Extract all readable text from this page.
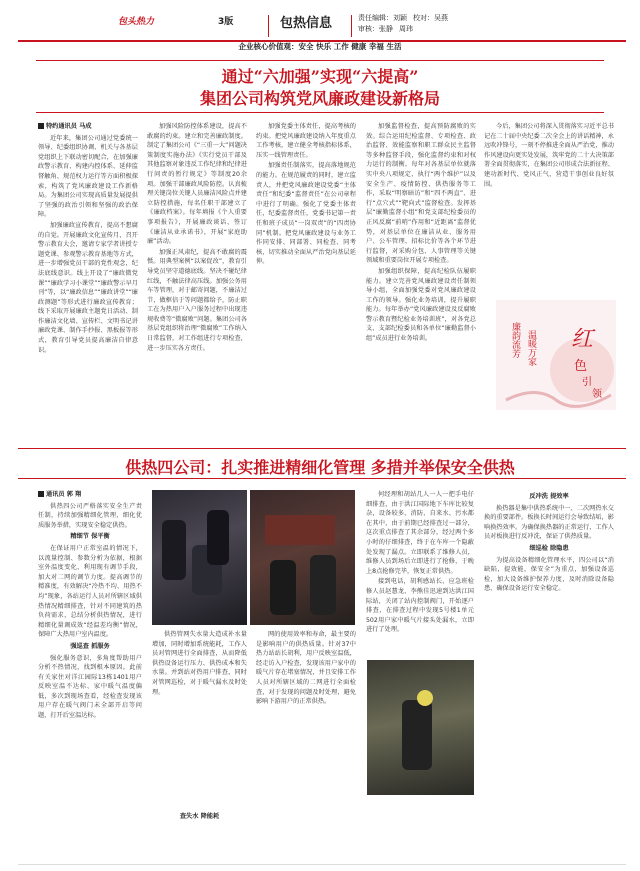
包头热力	3版	包热信息	责任编辑：刘颖 校对：吴燕
审核：张静 周玮
企业核心价值观：安全 快乐 工作 健康 幸福 生活
通过“六加强”实现“六提高”
集团公司构筑党风廉政建设新格局
特约通讯员 马成

近年来，集团公司通过党委统一领导、纪委组织协调、机关与各基层党组织上下联动密切配合，在加强廉政警示教育、构建内控体系、延伸监督触角、规范权力运行等方面积极探索，构筑了党风廉政建设工作新格局。为集团公司实现高质量发展提供了坚强的政治引领和坚强的政治保障。

加强廉政宣传教育，提高不想腐的自觉。开展廉政文化宣传月，召开警示教育大会，邀请专家学者讲授专题党课、参观警示教育基地等方式，进一步增强党员干部的党性观念，纪法底线意识。线上开设了“廉政微党课”“廉政学习小课堂”“廉政警示早月刊”等，以“廉政信息”“廉政讲堂”“廉政测题”等形式进行廉政宣传教育；线下采取开展廉政主题党日活动、制作廉洁文化墙、宣传栏、文明书记讲廉政党课、制作手抄报、黑板报等形式，教育引导党员提高廉洁自律意识。

加强风险防控体系建设，提高不敢腐的约束。建立和完善廉政制度。制定了集团公司《“三重一大”问题决策制度实施办法》《实行党员干部及其他监察对象违反工作纪律和纪律进行问责的暂行规定》等制度20余项。加强干部廉政风险防控。认真梳理关键岗位关键人员廉洁风险点并建立防控措施，每名任职干部建立了《廉政档案》。每年填报《个人重要事项报告》，开展廉政谈话、签订《廉洁从业承诺书》，开展“家庭助廉”活动。

加强正风肃纪，提高不敢腐的震慑。用典型案例“以案促改”，教育引导党员坚守道德底线。坚决不碰纪律红线，不触法律高压线。加强公务用车等管理，对于邮寄问题，不廉洁过节，做框信于等问题都给予，防止职工在为热用户入户服务过程中出现违规收费等“微腐败”问题。集团公司各基层党组织将治理“微腐败”工作纳入日常监督，对工作组进行专项检查，进一步压实各方责任。

加强党委主体责任，提高考核的约束。把党风廉政建设纳入年度重点工作考核，建立健全考核指标体系，压实一线管理责任。

加强责任制落实，提高落地规范的能力。在规范履责的同时，建立监责人，并把党风廉政建设党委“主体责任”和纪委“监督责任”在公司章程中进行了明确。强化了党委主体责任，纪委监督责任，党委书记第一责任和班子成员“一岗双责”的“四责协同”机制。把党风廉政建设与业务工作同安排、同部署、同检查、同考核，切实推动全面从严治党向基层延伸。

加强监督检查，提高预防腐败的实效。综合运用纪检监督、专项检查、政治监督、效能监察和职工群众民主监督等多种监督手段，强化监督约束和对权力运行的制衡。每年对各基层单位就落实中央八项规定、执行“两个维护”以及安全生产、疫情防控、供热服务等工作，采取“明察暗访”和“四不两直”、进行“点穴式”“靶向式”监督检查。发挥基层“廉勤监督小组”和党支部纪检委员的正风反腐“前哨”作用和“近距离”监督优势，对基层单位在廉洁从业、服务用户、公车管理、招标比价等各个环节进行监督，对采购分包、人事管理等关键领域和重要岗位开展专项检查。

加强组织保障，提高纪检队伍履职能力。建立完善党风廉政建设责任制领导小组，全面加强党委对党风廉政建设工作的领导。强化业务培训，提升履职能力。每年举办“党风廉政建设及反腐败警示教育暨纪检业务培训班”，对各党总支、支部纪检委员和各单位“廉勤监督小组”成员进行业务培训。

今后，集团公司将深入贯彻落实习近平总书记在二十届中央纪委二次全会上的讲话精神，永远吹冲锋号，一刻不停推进全面从严治党，推动作风建设向更实处发展，筑牢党的二十大决策部署全面贯彻落实，在集团公司形成合法新征程、建功新时代、党风正气，营造干事创业良好氛围。

红
色
引
领
廉韵流芳 温暖万家
供热四公司：扎实推进精细化管理 多措并举保安全供热
通讯员 郭 翔

供热四公司严格落实安全生产责任制，持续加强精细化管理，细化优质服务举措，实现安全稳定供热。

精细节 保平衡

在保证用户正常室温的情况下，以流量控制、参数分析为依据，根据室外温度变化，利用现有调节手段，加大对二网的调节力度。提高调节的精准度，有效解决“冷热不均、用热不均”现象，各站运行人员对所辖区域供热情况精细排查，针对不同建筑的热负荷需求，总结分析供热情况，进行精细化量调成效“经温差均衡”情况，保障广大热用户室内温度。

强巡查 抓服务

强化服务意识，多角度帮助用户分析不热情况，找到根本原因。此前有关家住对洋江园际13栋1401用户反映室温不达标、家中暖气温度偏低，多次到现场查看，经检查发现该用户存在暖气阀门未全部开启等问题，打开后室温达标。

供热管网失水量大造成补水量增加，同时增加系统能耗，工作人员对管网进行全面排查，从而降低供热设备运行压力、供热成本和失水量。并到站对热用户排查，同时对管网巡检，对于暖气漏水及时处理。

网的使用效率和寿命，最主要的是影响用户的供热质量。针对37中热力站站长胡利，用户反映室温低，经走访入户检查，发现该用户家中的暖气片存在堵塞情况，并且安排工作人员对所辖区域的二网进行全面检查，对于发现的问题及时处理，避免影响下游用户的正常供热。

何经理和胡站几人一人一把手电仔细排查，由于洪江国际地下车库比较复杂，设备较多，消防、自来水、污水都在其中，由于前期已经排查过一部分，这次重点排查了其余部分，经过两个多小时的仔细排查，终于在车库一个隐蔽处发现了漏点。立即联系了维修人员，维修人员到场后立即进行了抢修，于晚上8点抢修完毕，恢复正常供热。

接到电话，胡利感站长、应急班检修人员赵慧龙、李熊佳迅速到达洪江国际站，关闭了站内控制阀门，开始逐户排查，在排查过程中发现5号楼1单元502用户家中暖气片接头处漏水，立即进行了处理。

反冲洗 提效率

换热器是集中供热系统中一、二次网热水交换的重要部件。板换长时间运行会导致结垢，影响换热效率。为确保换热器的正常运行，工作人员对板换进行反冲洗，保证了供热质量。

细巡检 除隐患

为提高设备精细化管理水平，四公司以“消缺陷，提效能，保安全”为重点，加强设备巡检，加大设备维护保养力度，及时消除设备隐患，确保设备运行安全稳定。

查失水 降能耗
